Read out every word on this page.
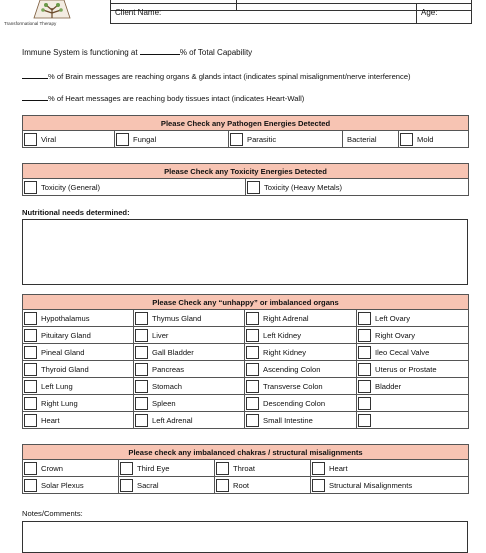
Transformational Therapy
Client Name:	Age:
Immune System is functioning at	% of Total Capability
% of Brain messages are reaching organs & glands intact (indicates spinal misalignment/nerve interference)
% of Heart messages are reaching body tissues intact (indicates Heart-Wall)
Please Check any Pathogen Energies Detected
Viral	Fungal	Parasitic	Bacterial	Mold
Please Check any Toxicity Energies Detected
Toxicity (General)	Toxicity (Heavy Metals)
Nutritional needs determined:
Please Check any “unhappy” or imbalanced organs			
Hypothalamus	Thymus Gland	Right Adrenal	Left Ovary
Pituitary Gland	Liver	Left Kidney	Right Ovary
Pineal Gland	Gall Bladder	Right Kidney	Ileo Cecal Valve
Thyroid Gland	Pancreas	Ascending Colon	Uterus or Prostate
Left Lung	Stomach	Transverse Colon	Bladder
Right Lung	Spleen	Descending Colon	
Heart	Left Adrenal	Small Intestine	
Please check any imbalanced chakras / structural misalignments			
Crown	Third Eye	Throat	Heart
Solar Plexus	Sacral	Root	Structural Misalignments
Notes/Comments:
